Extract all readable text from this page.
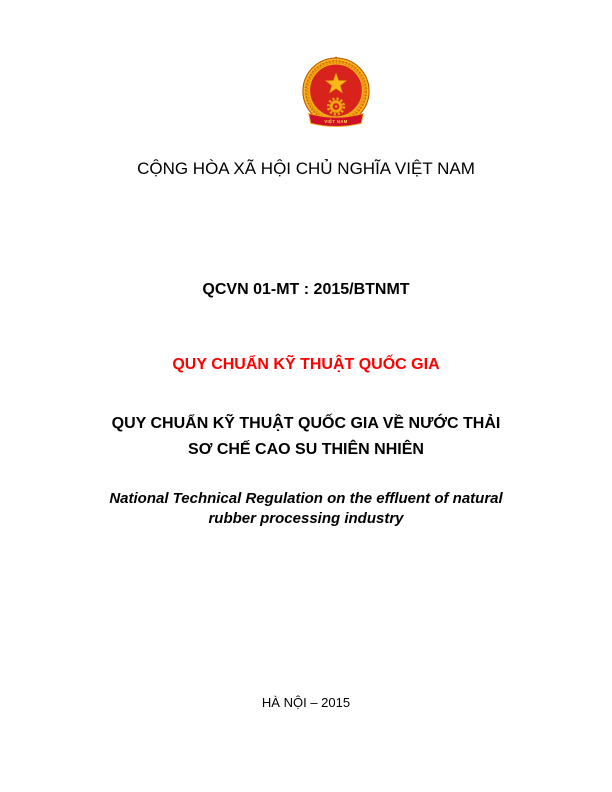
VIỆT NAM
CỘNG HÒA XÃ HỘI CHỦ NGHĨA VIỆT NAM
QCVN 01-MT : 2015/BTNMT
QUY CHUẨN KỸ THUẬT QUỐC GIA
QUY CHUẨN KỸ THUẬT QUỐC GIA VỀ NƯỚC THẢI
SƠ CHẾ CAO SU THIÊN NHIÊN
National Technical Regulation on the effluent of natural
rubber processing industry
HÀ NỘI – 2015
